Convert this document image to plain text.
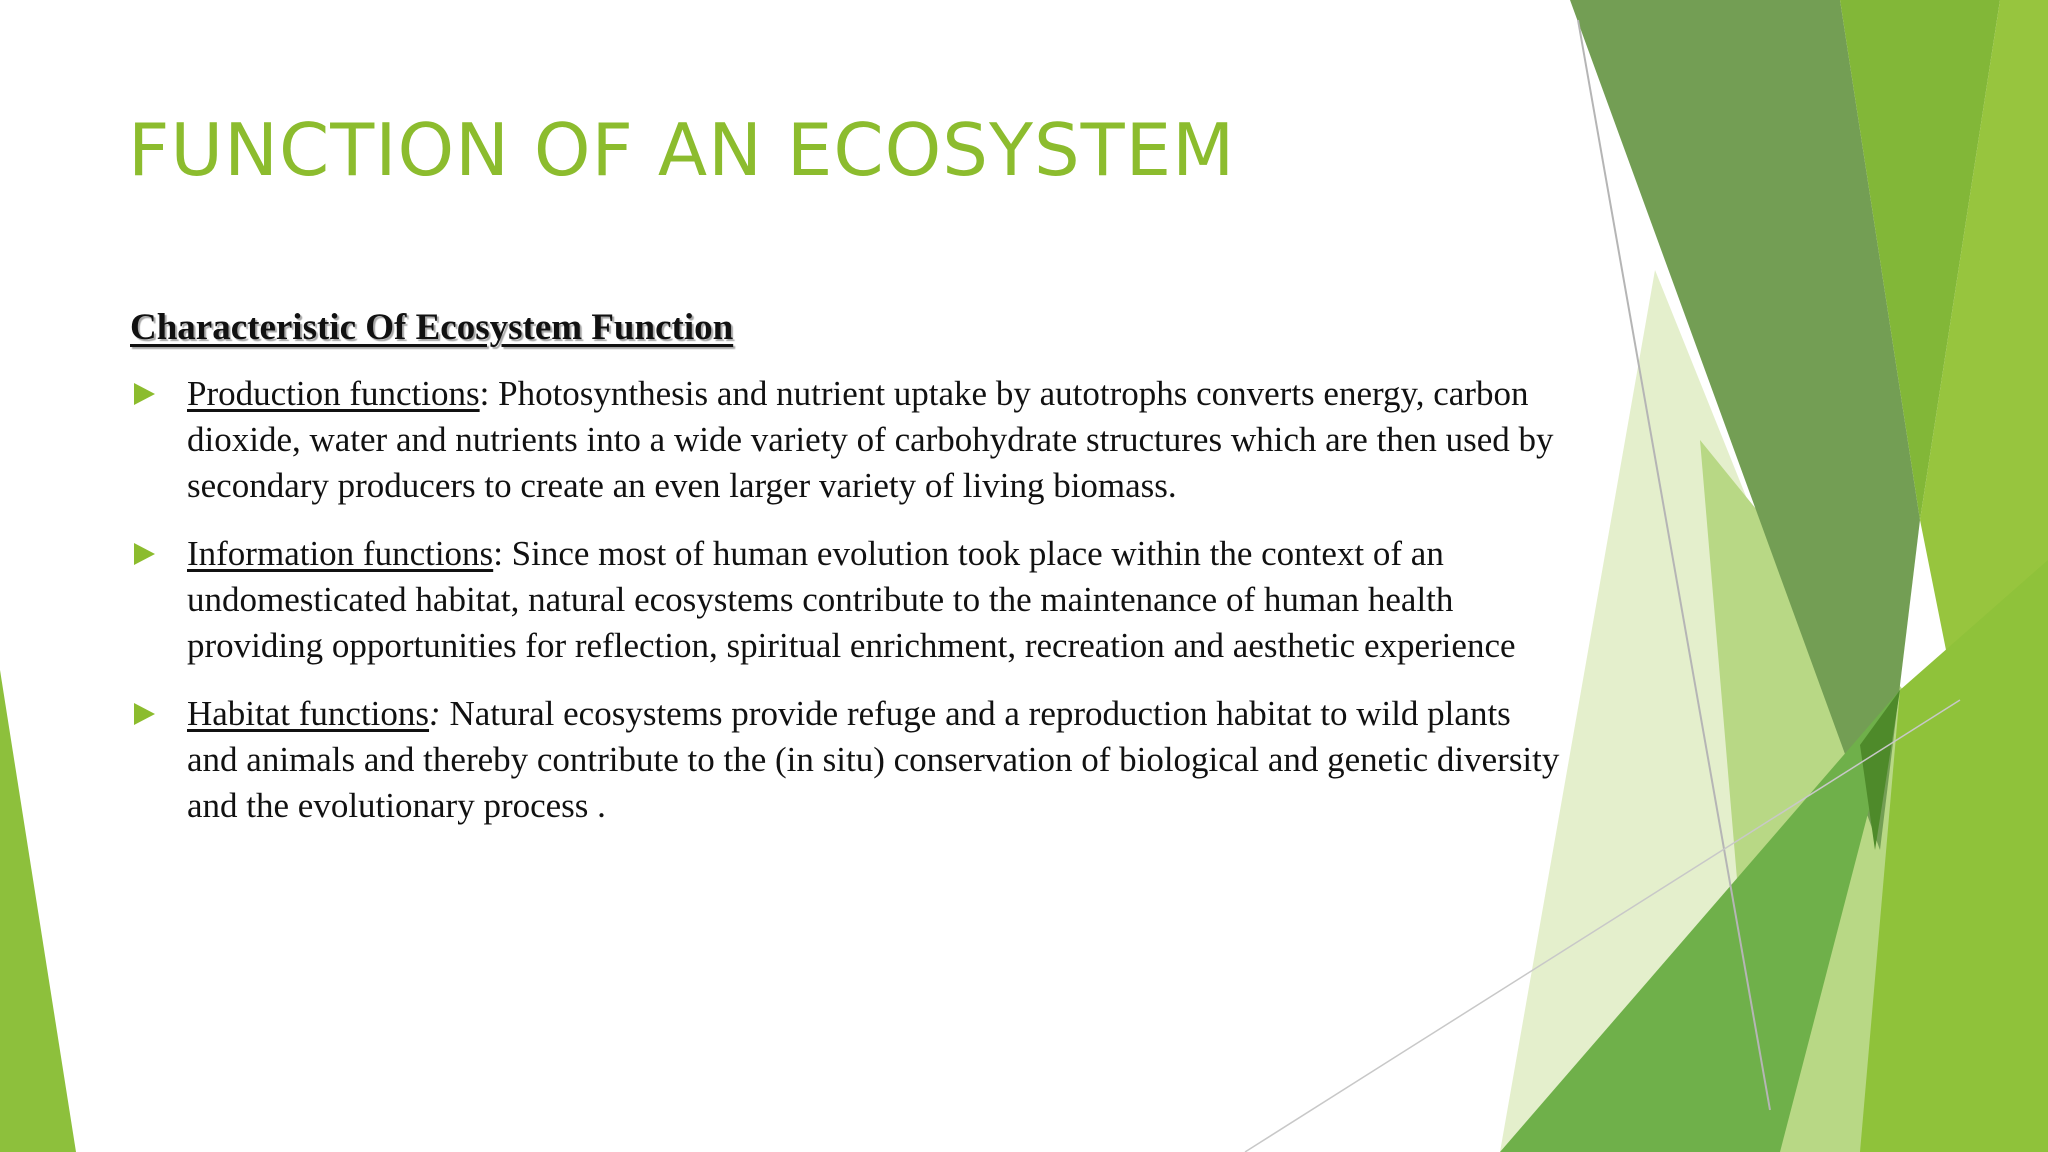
FUNCTION OF AN ECOSYSTEM
Characteristic Of Ecosystem Function
Production functions: Photosynthesis and nutrient uptake by autotrophs converts energy, carbon dioxide, water and nutrients into a wide variety of carbohydrate structures which are then used by secondary producers to create an even larger variety of living biomass.
Information functions: Since most of human evolution took place within the context of an undomesticated habitat, natural ecosystems contribute to the maintenance of human health providing opportunities for reflection, spiritual enrichment, recreation and aesthetic experience
Habitat functions: Natural ecosystems provide refuge and a reproduction habitat to wild plants and animals and thereby contribute to the (in situ) conservation of biological and genetic diversity and the evolutionary process .
